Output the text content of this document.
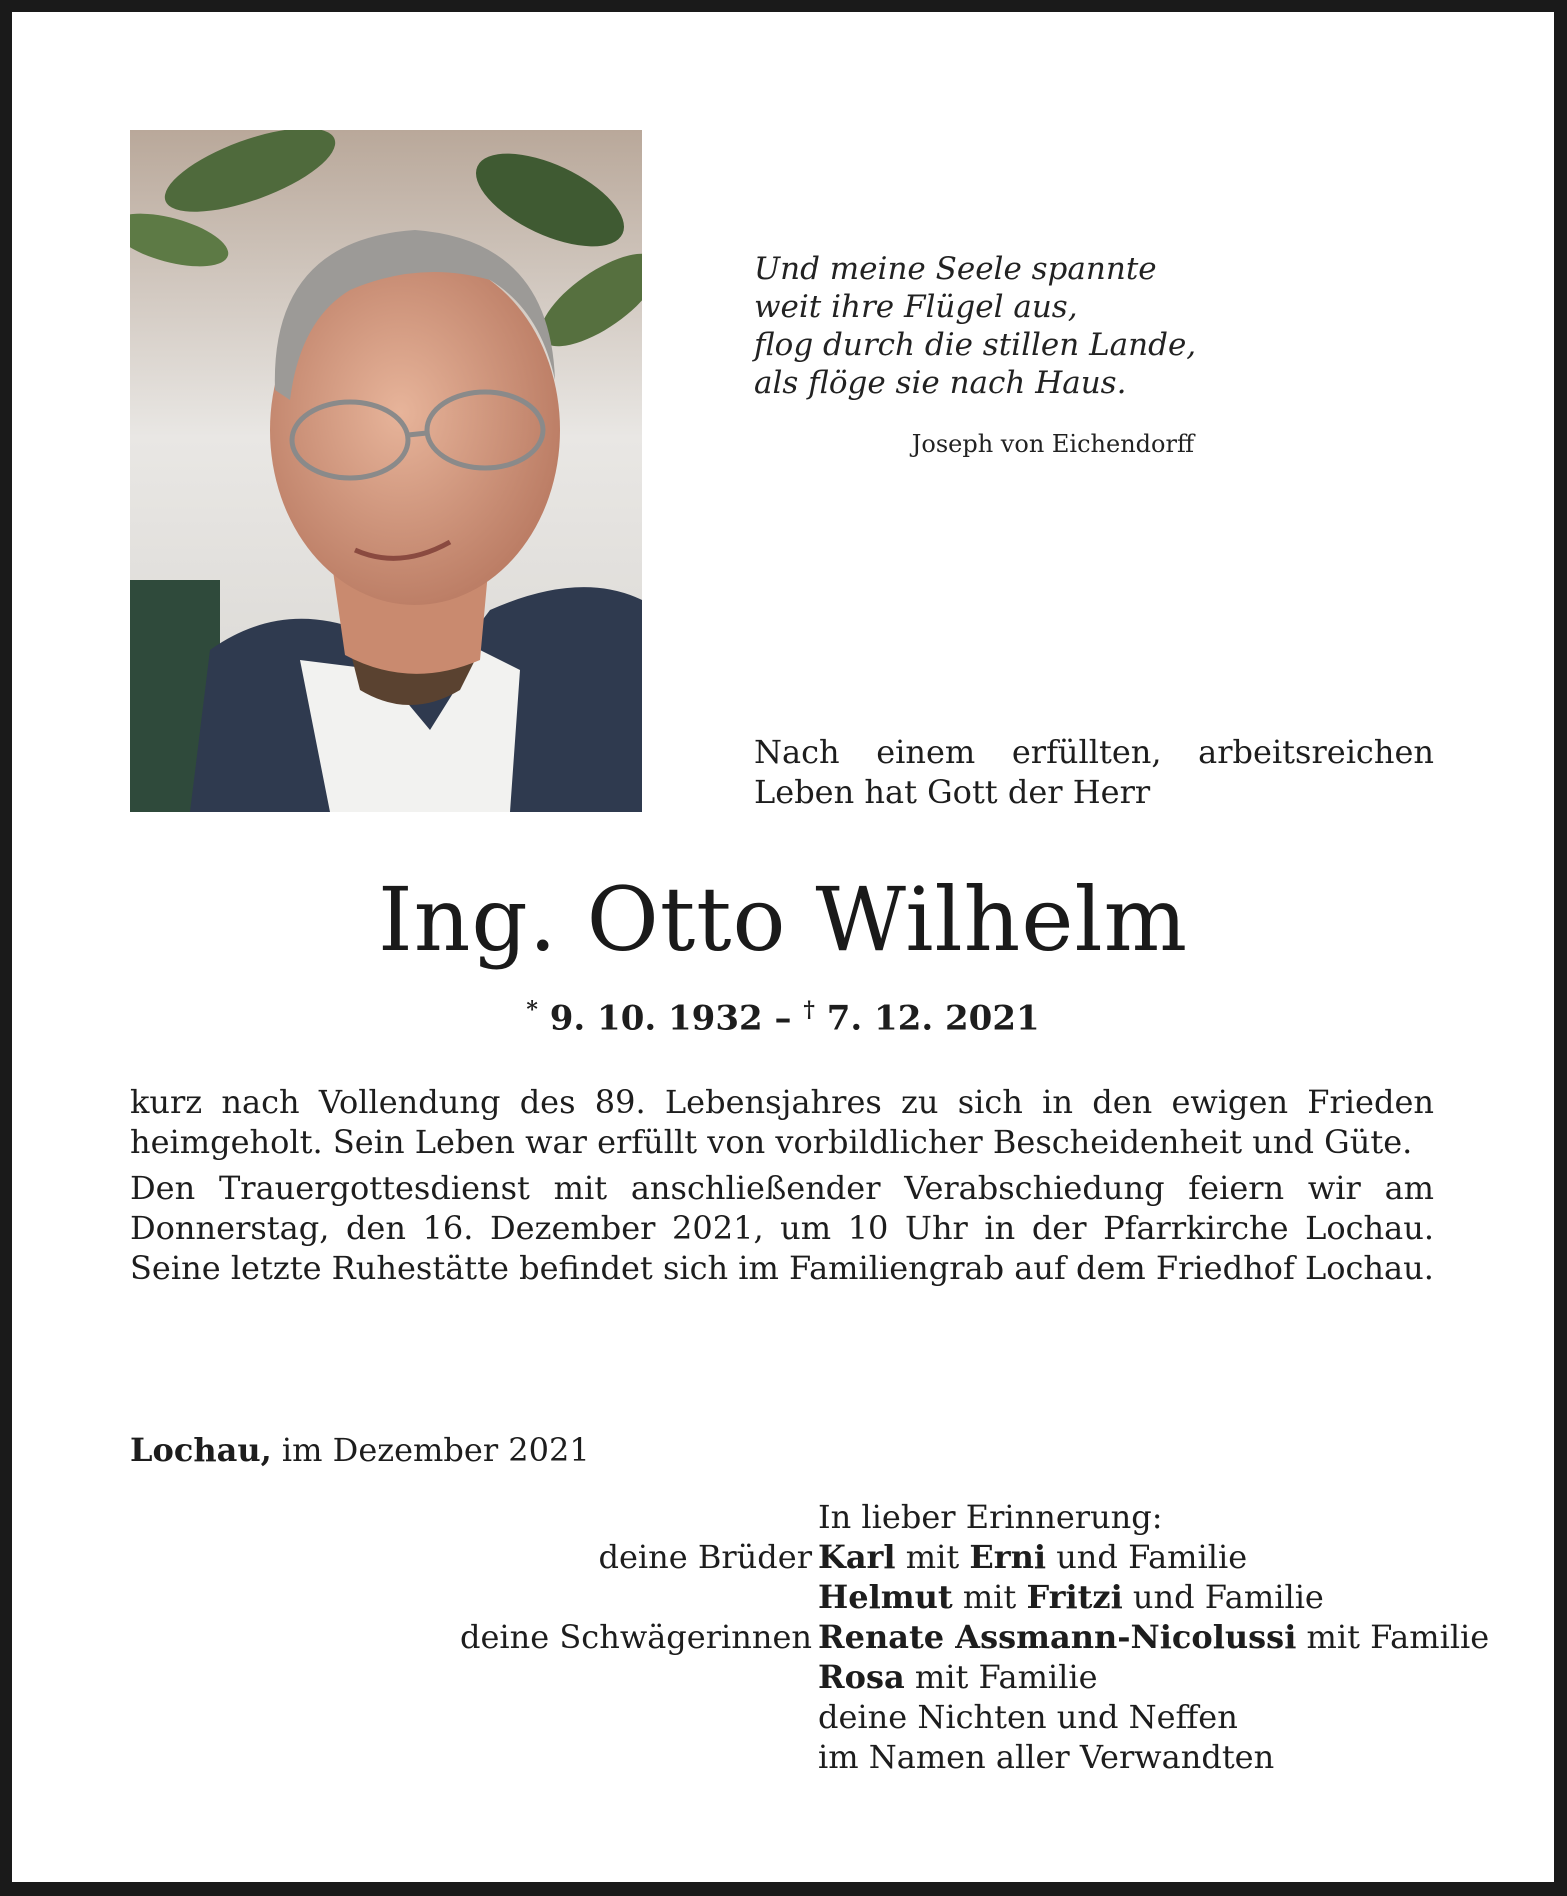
Und meine Seele spannte
weit ihre Flügel aus,
flog durch die stillen Lande,
als flöge sie nach Haus.
Joseph von Eichendorff
Nach einem erfüllten, arbeitsreichen
Leben hat Gott der Herr
Ing. Otto Wilhelm
* 9. 10. 1932 – † 7. 12. 2021

kurz nach Vollendung des 89. Lebensjahres zu sich in den ewigen Frieden heimgeholt. Sein Leben war erfüllt von vorbildlicher Bescheidenheit und Güte.

Den Trauergottesdienst mit anschließender Verabschiedung feiern wir am Donnerstag, den 16. Dezember 2021, um 10 Uhr in der Pfarrkirche Lochau. Seine letzte Ruhestätte befindet sich im Familiengrab auf dem Friedhof Lochau.

Lochau, im Dezember 2021
In lieber Erinnerung:
deine Brüder Karl mit Erni und Familie
Helmut mit Fritzi und Familie
deine Schwägerinnen Renate Assmann-Nicolussi mit Familie
Rosa mit Familie
deine Nichten und Neffen
im Namen aller Verwandten
